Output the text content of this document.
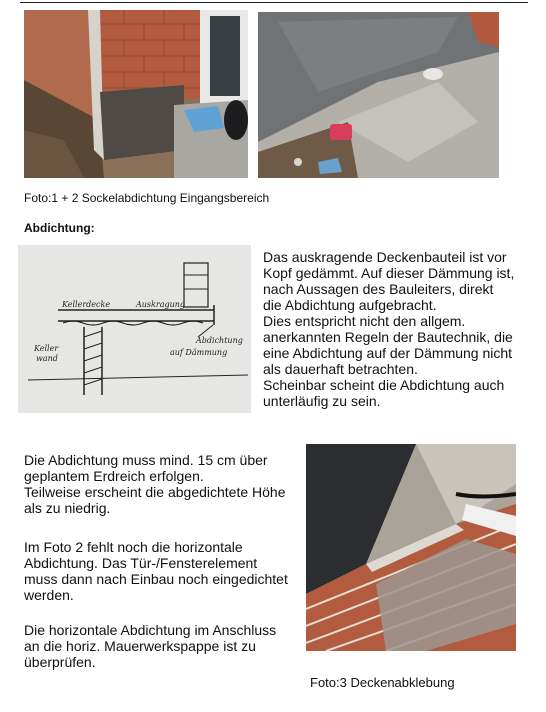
Foto:1 + 2 Sockelabdichtung Eingangsbereich
Abdichtung:
Kellerdecke	Auskragung
Keller
wand
Abdichtung
auf Dämmung

Das auskragende Deckenbauteil ist vor

Kopf gedämmt. Auf dieser Dämmung ist,

nach Aussagen des Bauleiters, direkt

die Abdichtung aufgebracht.

Dies entspricht nicht den allgem.

anerkannten Regeln der Bautechnik, die

eine Abdichtung auf der Dämmung nicht

als dauerhaft betrachten.

Scheinbar scheint die Abdichtung auch

unterläufig zu sein.

Die Abdichtung muss mind. 15 cm über

geplantem Erdreich erfolgen.

Teilweise erscheint die abgedichtete Höhe

als zu niedrig.

Im Foto 2 fehlt noch die horizontale

Abdichtung. Das Tür-/Fensterelement

muss dann nach Einbau noch eingedichtet

werden.

Die horizontale Abdichtung im Anschluss

an die horiz. Mauerwerkspappe ist zu

überprüfen.

Foto:3 Deckenabklebung
